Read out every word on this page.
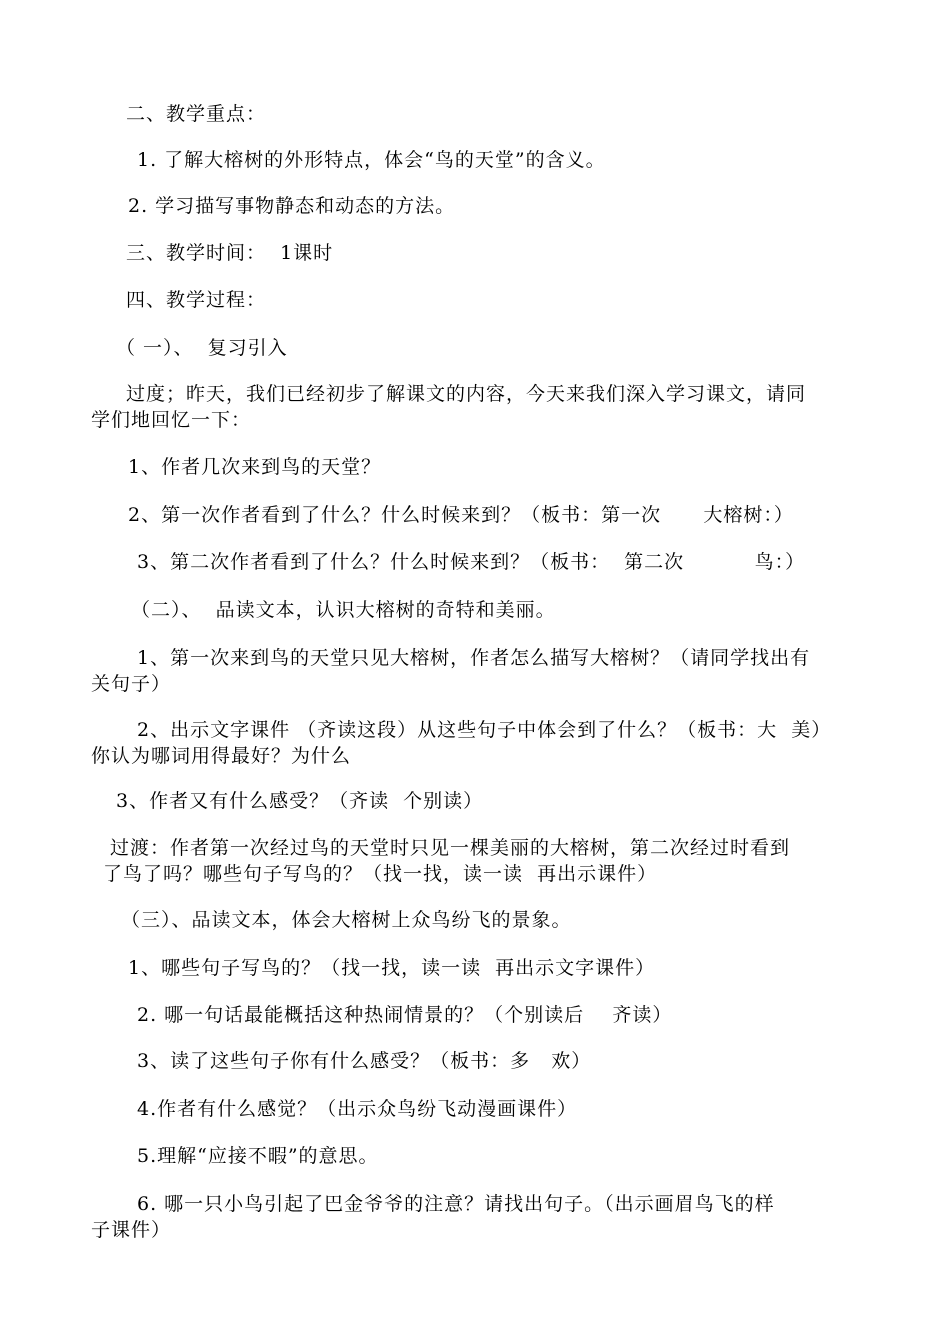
二、教学重点：
1. 了解大榕树的外形特点，体会“鸟的天堂”的含义。
2. 学习描写事物静态和动态的方法。
三、教学时间：  1课时
四、教学过程：
（ 一）、  复习引入
过度；昨天，我们已经初步了解课文的内容，今天来我们深入学习课文，请同
学们地回忆一下：
1、作者几次来到鸟的天堂？
2、第一次作者看到了什么？什么时候来到？（板书：第一次      大榕树：）
3、第二次作者看到了什么？什么时候来到？（板书：  第二次          鸟：）
（二）、  品读文本，认识大榕树的奇特和美丽。
1、第一次来到鸟的天堂只见大榕树，作者怎么描写大榕树？（请同学找出有
关句子）
2、出示文字课件 （齐读这段）从这些句子中体会到了什么？（板书：大  美）
你认为哪词用得最好？为什么
3、作者又有什么感受？（齐读  个别读）
过渡：作者第一次经过鸟的天堂时只见一棵美丽的大榕树，第二次经过时看到
了鸟了吗？哪些句子写鸟的？（找一找，读一读  再出示课件）
（三）、品读文本，体会大榕树上众鸟纷飞的景象。
1、哪些句子写鸟的？（找一找，读一读  再出示文字课件）
2. 哪一句话最能概括这种热闹情景的？（个别读后    齐读）
3、读了这些句子你有什么感受？（板书：多   欢）
4.作者有什么感觉？（出示众鸟纷飞动漫画课件）
5.理解“应接不暇”的意思。
6. 哪一只小鸟引起了巴金爷爷的注意？请找出句子。（出示画眉鸟飞的样
子课件）
